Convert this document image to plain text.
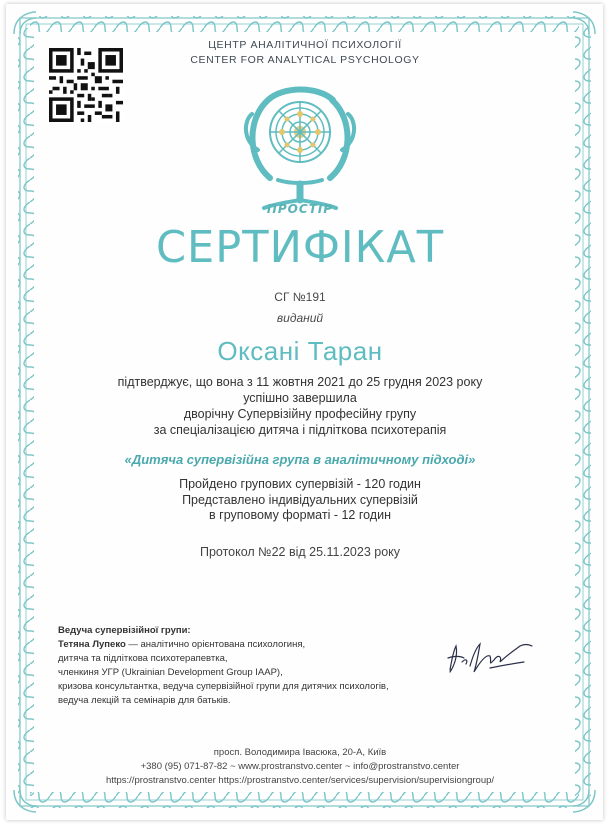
ЦЕНТР АНАЛІТИЧНОЇ ПСИХОЛОГІЇ
CENTER FOR ANALYTICAL PSYCHOLOGY
ПРОСТІР
СЕРТИФІКАТ
СГ №191
виданий
Оксані Таран
підтверджує, що вона з 11 жовтня 2021 до 25 грудня 2023 року
успішно завершила
дворічну Супервізійну професійну групу
за спеціалізацією дитяча і підліткова психотерапія
«Дитяча супервізійна група в аналітичному підході»
Пройдено групових супервізій - 120 годин
Представлено індивідуальних супервізій
в груповому форматі - 12 годин
Протокол №22 від 25.11.2023 року
Ведуча супервізійної групи:
Тетяна Лупеко — аналітично орієнтована психологиня,
дитяча та підліткова психотерапевтка,
членкиня УГР (Ukrainian Development Group IAAP),
кризова консультантка, ведуча супервізійної групи для дитячих психологів,
ведуча лекцій та семінарів для батьків.
просп. Володимира Івасюка, 20-А, Київ
+380 (95) 071-87-82 ~ www.prostranstvo.center ~ info@prostranstvo.center
https://prostranstvo.center https://prostranstvo.center/services/supervision/supervisiongroup/
